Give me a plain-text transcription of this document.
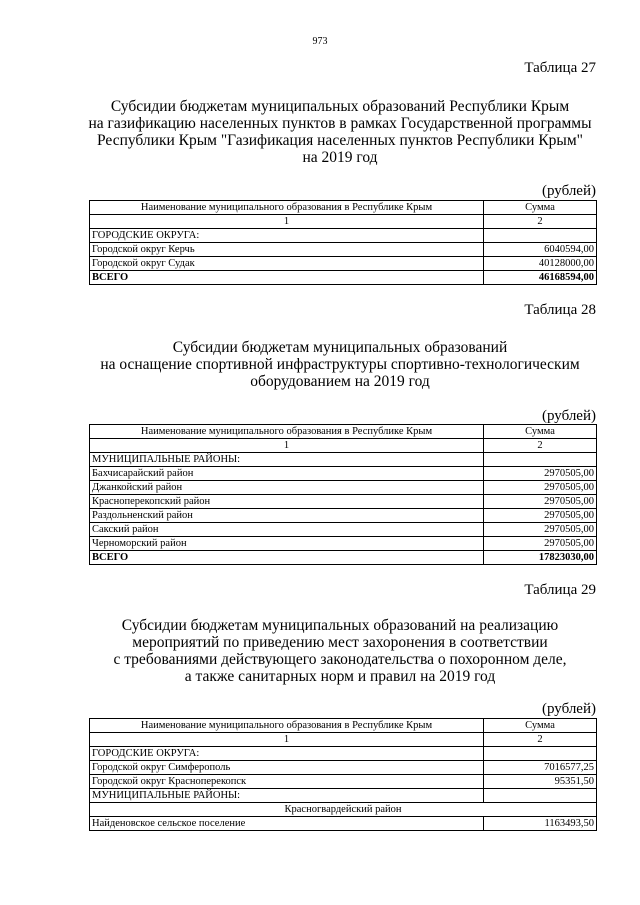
973
Таблица 27
Субсидии бюджетам муниципальных образований Республики Крым
на газификацию населенных пунктов в рамках Государственной программы
Республики Крым "Газификация населенных пунктов Республики Крым"
на 2019 год
(рублей)
Наименование муниципального образования в Республике Крым	Сумма
1	2
ГОРОДСКИЕ ОКРУГА:	
Городской округ Керчь	6040594,00
Городской округ Судак	40128000,00
ВСЕГО	46168594,00
Таблица 28
Субсидии бюджетам муниципальных образований
на оснащение спортивной инфраструктуры спортивно-технологическим
оборудованием на 2019 год
(рублей)
Наименование муниципального образования в Республике Крым	Сумма
1	2
МУНИЦИПАЛЬНЫЕ РАЙОНЫ:	
Бахчисарайский район	2970505,00
Джанкойский район	2970505,00
Красноперекопский район	2970505,00
Раздольненский район	2970505,00
Сакский район	2970505,00
Черноморский район	2970505,00
ВСЕГО	17823030,00
Таблица 29
Субсидии бюджетам муниципальных образований на реализацию
мероприятий по приведению мест захоронения в соответствии
с требованиями действующего законодательства о похоронном деле,
а также санитарных норм и правил на 2019 год
(рублей)
Наименование муниципального образования в Республике Крым	Сумма
1	2
ГОРОДСКИЕ ОКРУГА:	
Городской округ Симферополь	7016577,25
Городской округ Красноперекопск	95351,50
МУНИЦИПАЛЬНЫЕ РАЙОНЫ:	
Красногвардейский район	
Найденовское сельское поселение	1163493,50
